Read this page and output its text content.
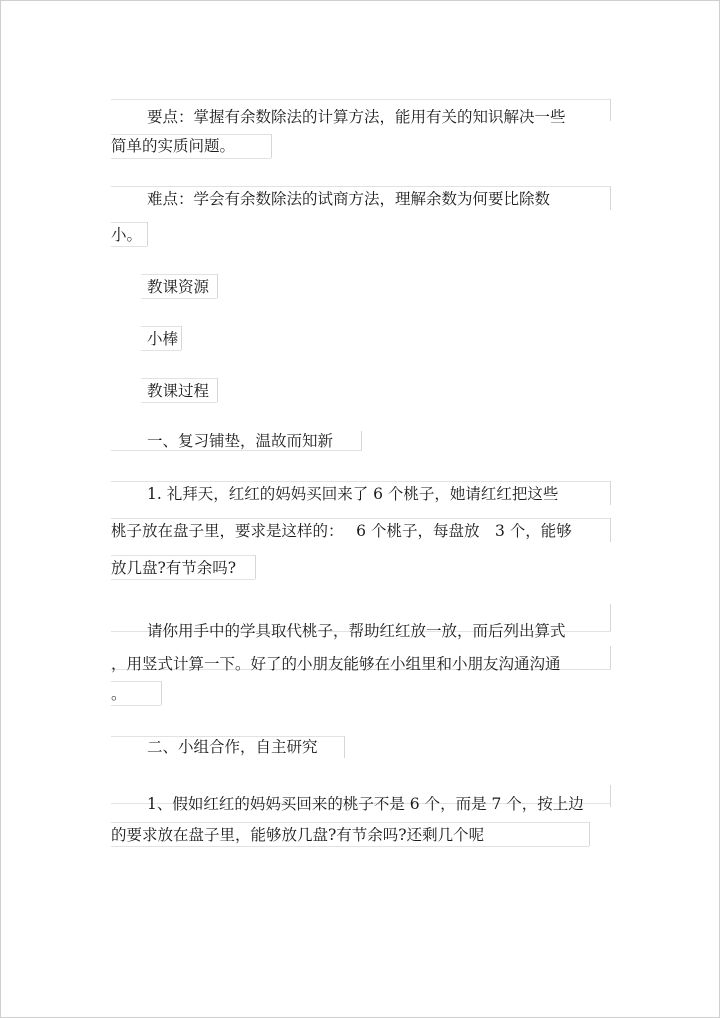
要点：掌握有余数除法的计算方法，能用有关的知识解决一些
简单的实质问题。
难点：学会有余数除法的试商方法，理解余数为何要比除数
小。
教课资源
小棒
教课过程
一、复习铺垫，温故而知新
1. 礼拜天，红红的妈妈买回来了 6 个桃子，她请红红把这些
桃子放在盘子里，要求是这样的：　 6 个桃子，每盘放　3 个，能够
放几盘?有节余吗?
请你用手中的学具取代桃子，帮助红红放一放，而后列出算式
，用竖式计算一下。好了的小朋友能够在小组里和小朋友沟通沟通
。
二、小组合作，自主研究
1、假如红红的妈妈买回来的桃子不是 6 个，而是 7 个，按上边
的要求放在盘子里，能够放几盘?有节余吗?还剩几个呢
